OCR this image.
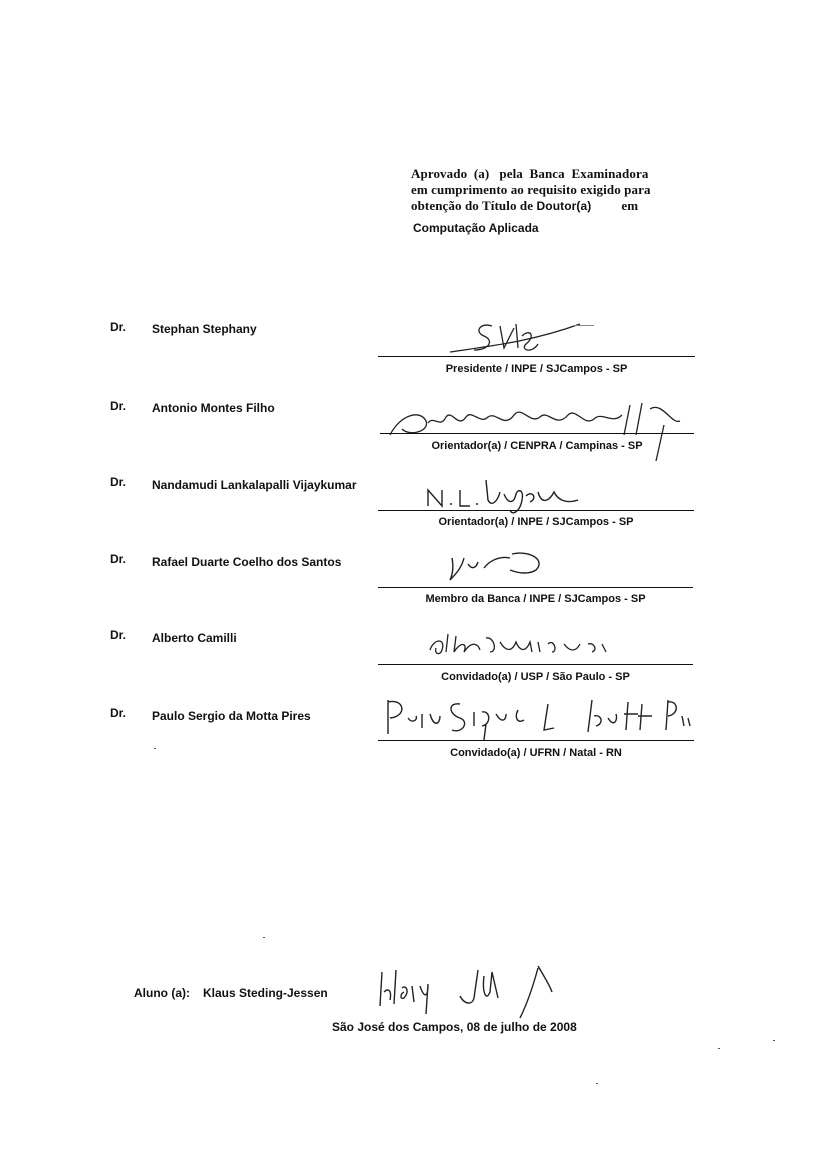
Aprovado  (a)   pela  Banca  Examinadora
em cumprimento ao requisito exigido para
obtenção do Título de Doutor(a) em
Computação Aplicada
Dr. Stephan Stephany
Presidente / INPE / SJCampos - SP
Dr. Antonio Montes Filho
Orientador(a) / CENPRA / Campinas - SP
Dr. Nandamudi Lankalapalli Vijaykumar
Orientador(a) / INPE / SJCampos - SP
Dr. Rafael Duarte Coelho dos Santos
Membro da Banca / INPE / SJCampos - SP
Dr. Alberto Camilli
Convidado(a) / USP / São Paulo - SP
Dr. Paulo Sergio da Motta Pires
Convidado(a) / UFRN / Natal - RN
Aluno (a): Klaus Steding-Jessen
São José dos Campos, 08 de julho de 2008
